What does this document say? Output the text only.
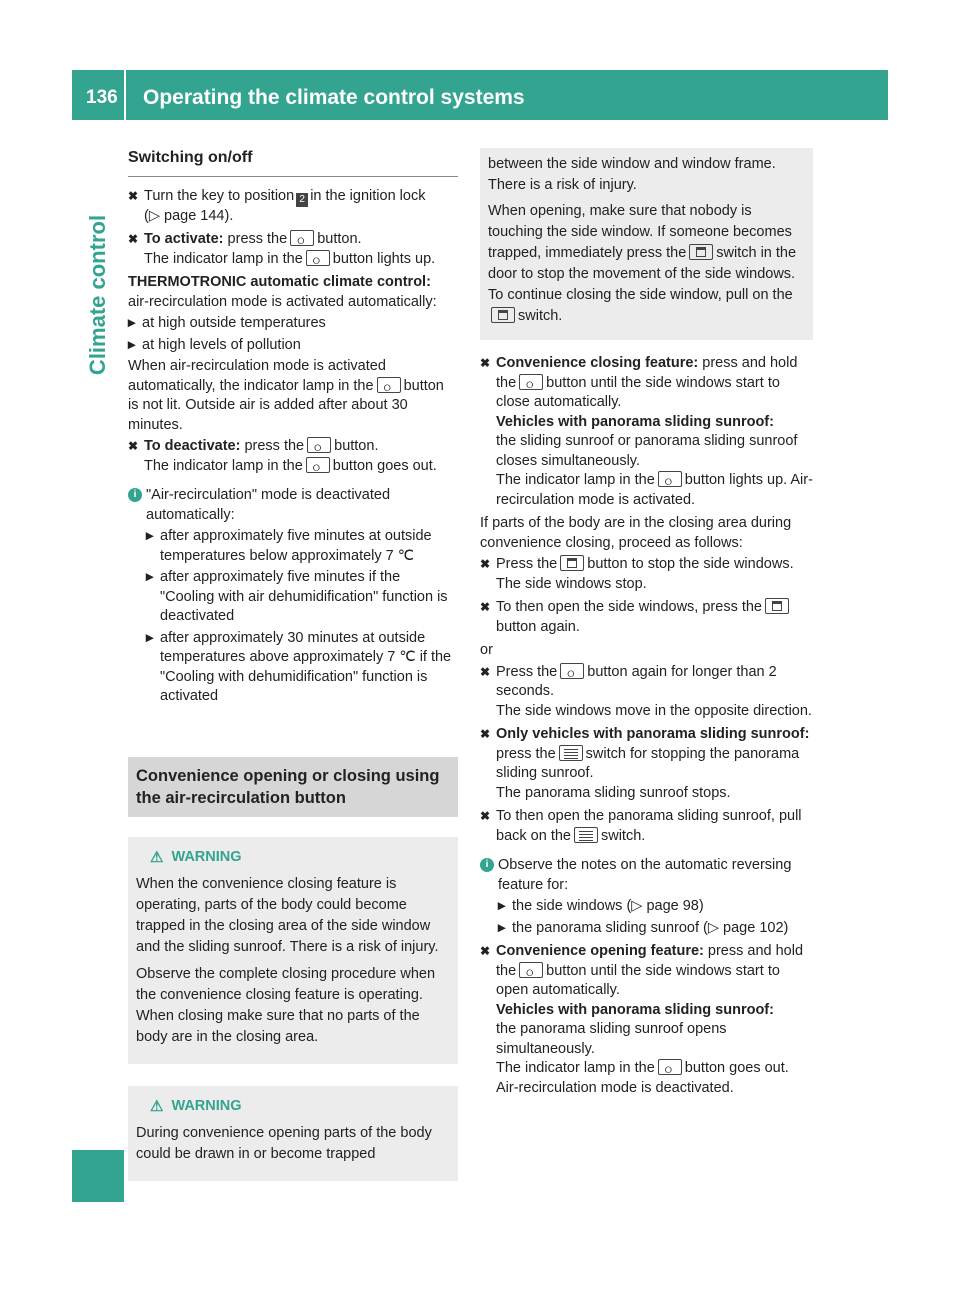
136 Operating the climate control systems
Climate control
Switching on/off
✖ Turn the key to position 2 in the ignition lock
(▷ page 144).
✖ To activate: press the ⭘ button.
The indicator lamp in the ⭘ button lights up.
THERMOTRONIC automatic climate control:
air-recirculation mode is activated automatically:
▸ at high outside temperatures
▸ at high levels of pollution
When air-recirculation mode is activated automatically, the indicator lamp in the ⭘ button is not lit. Outside air is added after about 30 minutes.
✖ To deactivate: press the ⭘ button.
The indicator lamp in the ⭘ button goes out.
i "Air-recirculation" mode is deactivated automatically:
▸ after approximately five minutes at outside temperatures below approximately 7 ℃
▸ after approximately five minutes if the "Cooling with air dehumidification" function is deactivated
▸ after approximately 30 minutes at outside temperatures above approximately 7 ℃ if the "Cooling with dehumidification" function is activated
Convenience opening or closing using the air-recirculation button
⚠ WARNING

When the convenience closing feature is operating, parts of the body could become trapped in the closing area of the side window and the sliding sunroof. There is a risk of injury.

Observe the complete closing procedure when the convenience closing feature is operating. When closing make sure that no parts of the body are in the closing area.

⚠ WARNING

During convenience opening parts of the body could be drawn in or become trapped

between the side window and window frame. There is a risk of injury.

When opening, make sure that nobody is touching the side window. If someone becomes trapped, immediately press the switch in the door to stop the movement of the side windows. To continue closing the side window, pull on theswitch.

✖ Convenience closing feature: press and hold the ⭘ button until the side windows start to close automatically.
Vehicles with panorama sliding sunroof:
the sliding sunroof or panorama sliding sunroof closes simultaneously.
The indicator lamp in the ⭘ button lights up. Air-recirculation mode is activated.
If parts of the body are in the closing area during convenience closing, proceed as follows:
✖ Press the button to stop the side windows.
The side windows stop.
✖ To then open the side windows, press thebutton again.
or
✖ Press the ⭘ button again for longer than 2 seconds.
The side windows move in the opposite direction.
✖ Only vehicles with panorama sliding sunroof: press the switch for stopping the panorama sliding sunroof.
The panorama sliding sunroof stops.
✖ To then open the panorama sliding sunroof, pull back on the switch.
i Observe the notes on the automatic reversing feature for:
▸ the side windows (▷ page 98)
▸ the panorama sliding sunroof (▷ page 102)
✖ Convenience opening feature: press and hold the ⭘ button until the side windows start to open automatically.
Vehicles with panorama sliding sunroof:
the panorama sliding sunroof opens simultaneously.
The indicator lamp in the ⭘ button goes out. Air-recirculation mode is deactivated.
